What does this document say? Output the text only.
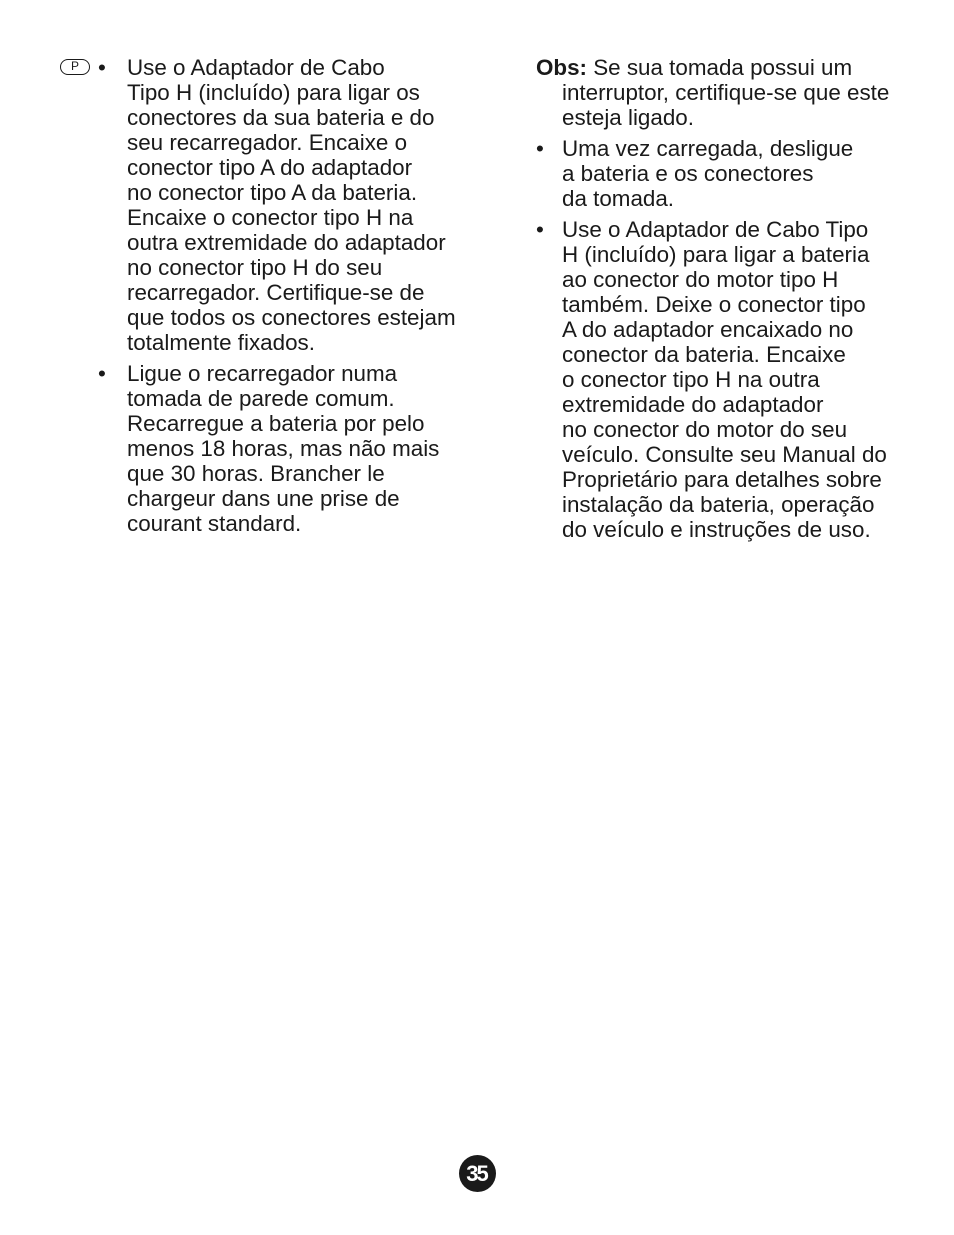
P • Use o Adaptador de Cabo
Tipo H (incluído) para ligar os
conectores da sua bateria e do
seu recarregador. Encaixe o
conector tipo A do adaptador
no conector tipo A da bateria.
Encaixe o conector tipo H na
outra extremidade do adaptador
no conector tipo H do seu
recarregador. Certifique-se de
que todos os conectores estejam
totalmente fixados.
• Ligue o recarregador numa
tomada de parede comum.
Recarregue a bateria por pelo
menos 18 horas, mas não mais
que 30 horas. Brancher le
chargeur dans une prise de
courant standard.

Obs: Se sua tomada possui um
interruptor, certifique-se que este
esteja ligado.

• Uma vez carregada, desligue
a bateria e os conectores
da tomada.
• Use o Adaptador de Cabo Tipo
H (incluído) para ligar a bateria
ao conector do motor tipo H
também. Deixe o conector tipo
A do adaptador encaixado no
conector da bateria. Encaixe
o conector tipo H na outra
extremidade do adaptador
no conector do motor do seu
veículo. Consulte seu Manual do
Proprietário para detalhes sobre
instalação da bateria, operação
do veículo e instruções de uso.
35
